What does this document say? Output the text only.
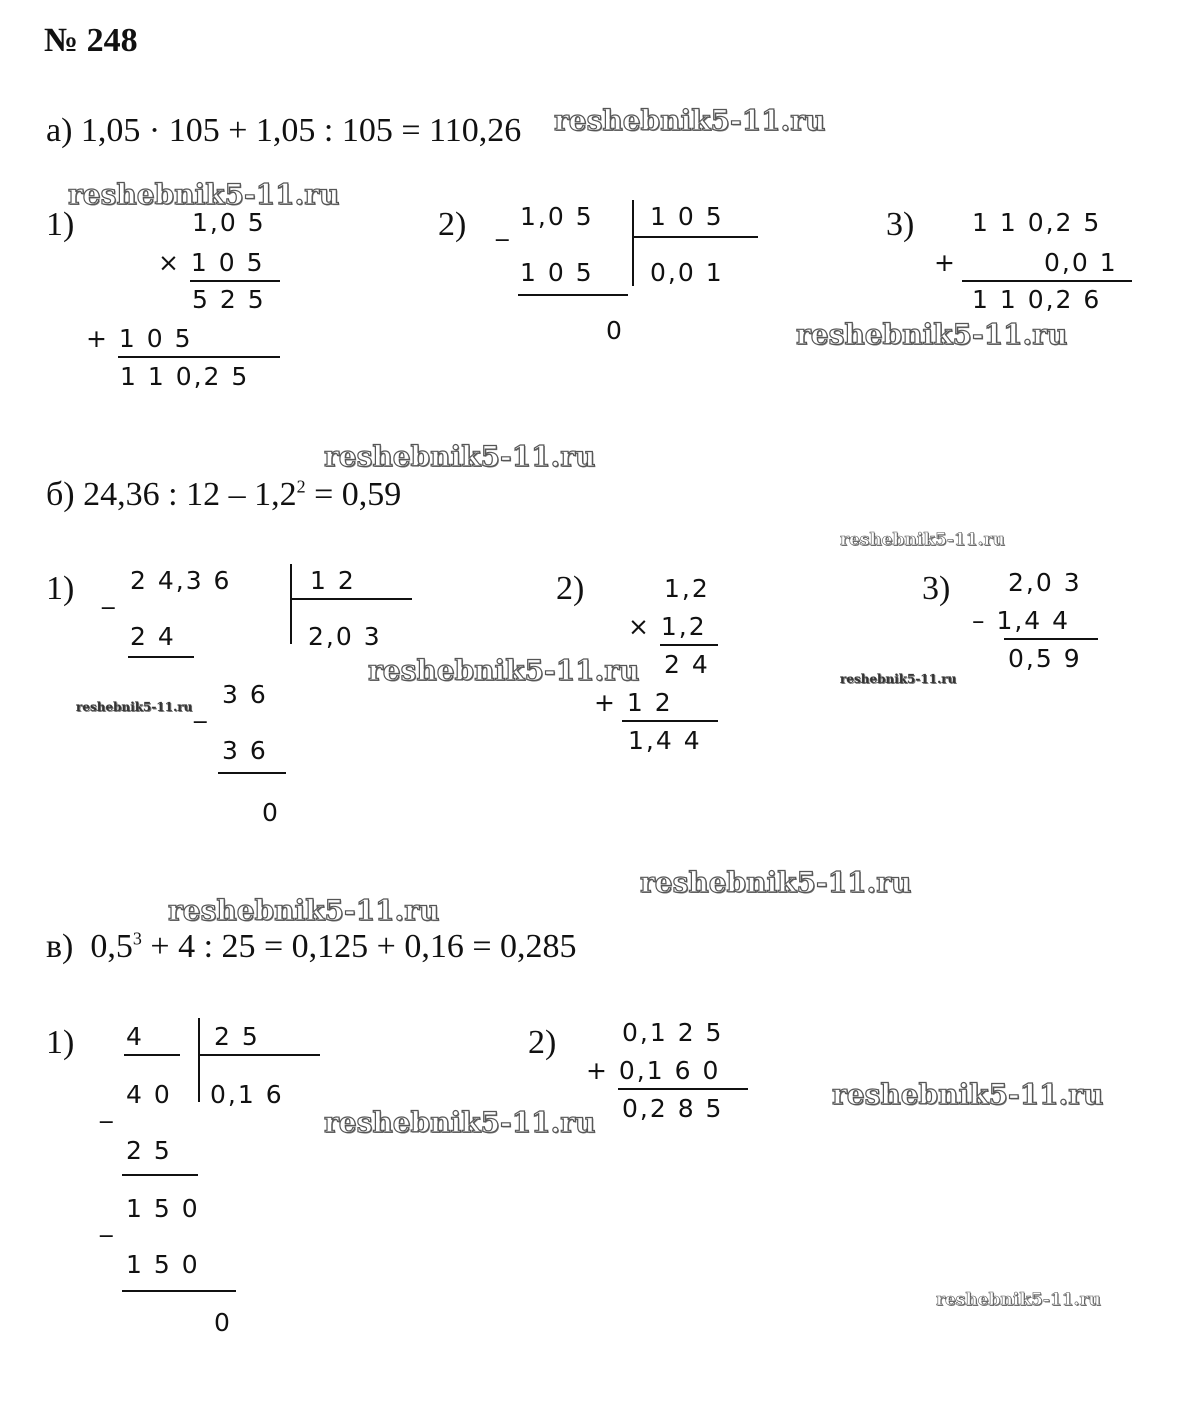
№ 248
а) 1,05 · 105 + 1,05 : 105 = 110,26
1)	1,0 5
× 1 0 5
5 2 5
+ 1 0 5
1 1 0,2 5
2) _ 1,0 5 1 0 5
1 0 5 0,0 1
0
3) 1 1 0,2 5
+	0,0 1
1 1 0,2 6
б) 24,36 : $12 - 1,2^2 = 0,59$
1) _ 2 4,3 6	1 2
2 4	2,0 3
_ 3 6
3 6
0
2)	1,2
× 1,2
2 4
+ 1 2
1,4 4
3) 2,0 3
– 1,4 4
0,5 9
в) $0,5^3 + 4$ : 25 = 0,125 + 0,16 = 0,285
1) 4	2 5
_ 4 0 0,1 6
2 5
_ 1 5 0
1 5 0
0
2)	0,1 2 5
+ 0,1 6 0
0,2 8 5
reshebnik5-11.ru
reshebnik5-11.ru
reshebnik5-11.ru
reshebnik5-11.ru
reshebnik5-11.ru
reshebnik5-11.ru
reshebnik5-11.ru
reshebnik5-11.ru
reshebnik5-11.ru
reshebnik5-11.ru
reshebnik5-11.ru
reshebnik5-11.ru
reshebnik5-11.ru
